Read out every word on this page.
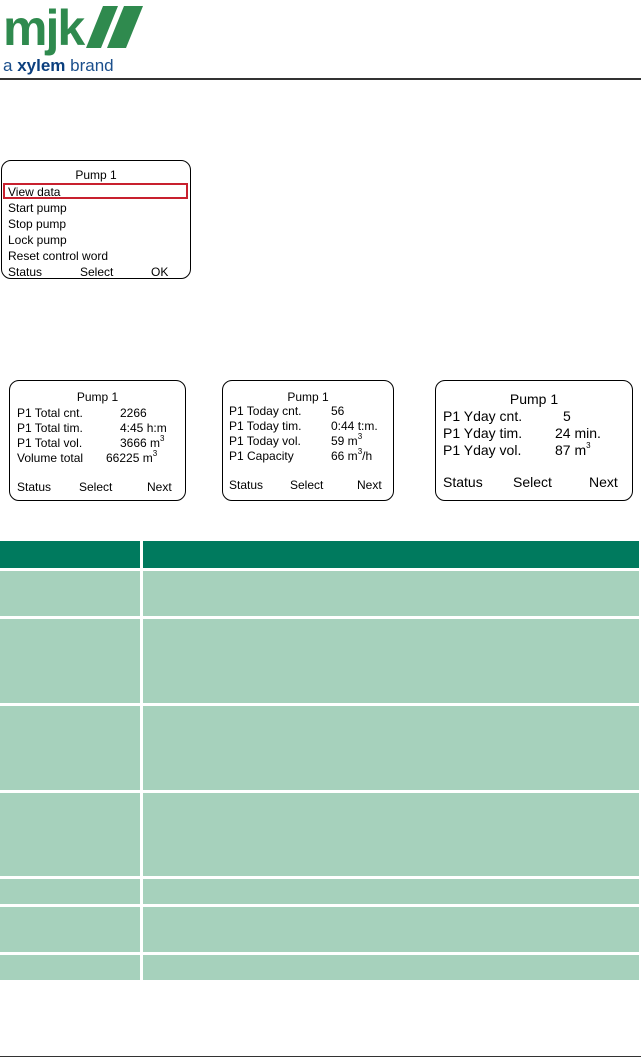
mjk
a xylem brand
Pump 1
View data
Start pump
Stop pump
Lock pump
Reset control word
Status	Select	OK
Pump 1
P1 Total cnt.	2266
P1 Total tim.	4:45 h:m
P1 Total vol.	3666 $m^3$
Volume total 66225 $m^3$
Status Select	Next
Pump 1
P1 Today cnt. 56
P1 Today tim. 0:44 t:m.
P1 Today vol.	59 $m^3$
P1 Capacity	66 $m^3/h$
Status Select	Next
Pump 1
P1 Yday cnt.	5
P1 Yday tim. 24 min.
P1 Yday vol. 87 $m^3$
Status Select	Next
